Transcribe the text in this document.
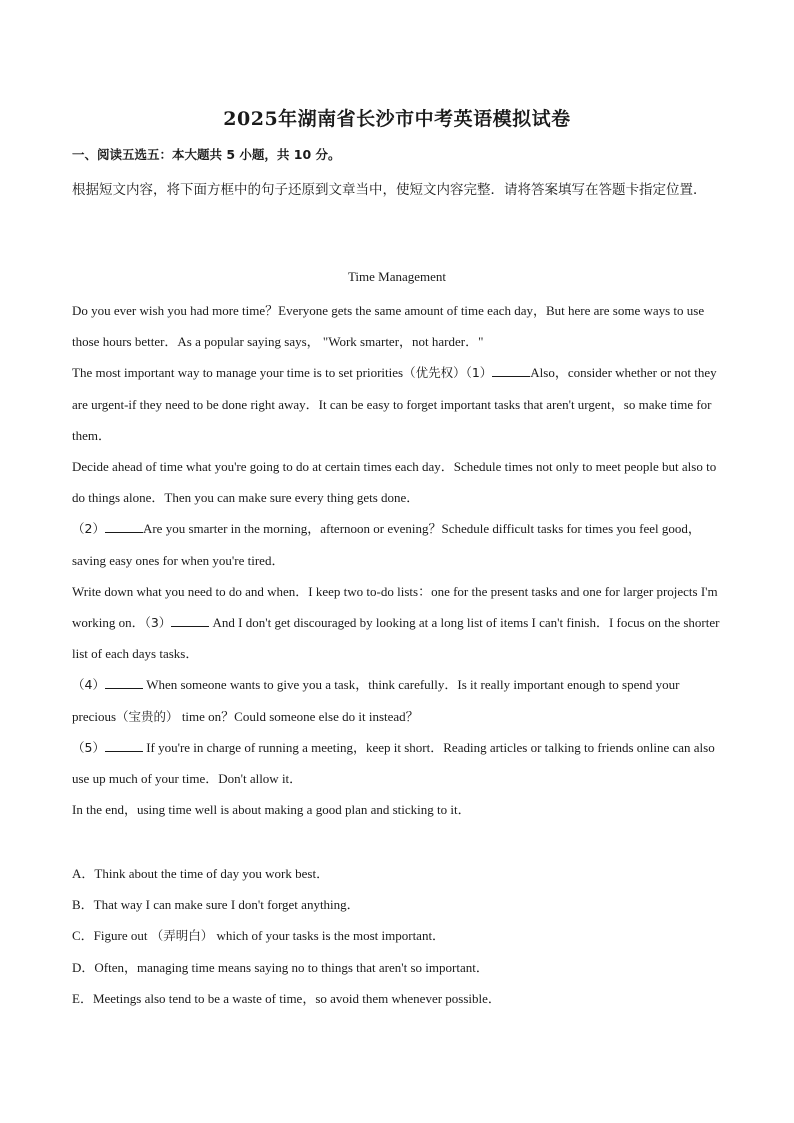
2025年湖南省长沙市中考英语模拟试卷
一、阅读五选五：本大题共 5 小题，共 10 分。
根据短文内容，将下面方框中的句子还原到文章当中，使短文内容完整．请将答案填写在答题卡指定位置．
Time Management

Do you ever wish you had more time？Everyone gets the same amount of time each day，But here are some ways to use those hours better．As a popular saying says， "Work smarter，not harder．"

The most important way to manage your time is to set priorities（优先权）（1）	Also，consider whether or not they are urgent-if they need to be done right away．It can be easy to forget important tasks that aren't urgent，so make time for them．

Decide ahead of time what you're going to do at certain times each day．Schedule times not only to meet people but also to do things alone．Then you can make sure every thing gets done．

（2）	Are you smarter in the morning，afternoon or evening？Schedule difficult tasks for times you feel good，saving easy ones for when you're tired．

Write down what you need to do and when．I keep two to-do lists：one for the present tasks and one for larger projects I'm working on．（3）	And I don't get discouraged by looking at a long list of items I can't finish．I focus on the shorter list of each days tasks．

（4）	When someone wants to give you a task，think carefully．Is it really important enough to spend your precious（宝贵的） time on？Could someone else do it instead？

（5）	If you're in charge of running a meeting，keep it short．Reading articles or talking to friends online can also use up much of your time．Don't allow it．

In the end，using time well is about making a good plan and sticking to it．

A．Think about the time of day you work best．

B．That way I can make sure I don't forget anything．

C．Figure out （弄明白） which of your tasks is the most important．

D．Often，managing time means saying no to things that aren't so important．

E．Meetings also tend to be a waste of time，so avoid them whenever possible．
